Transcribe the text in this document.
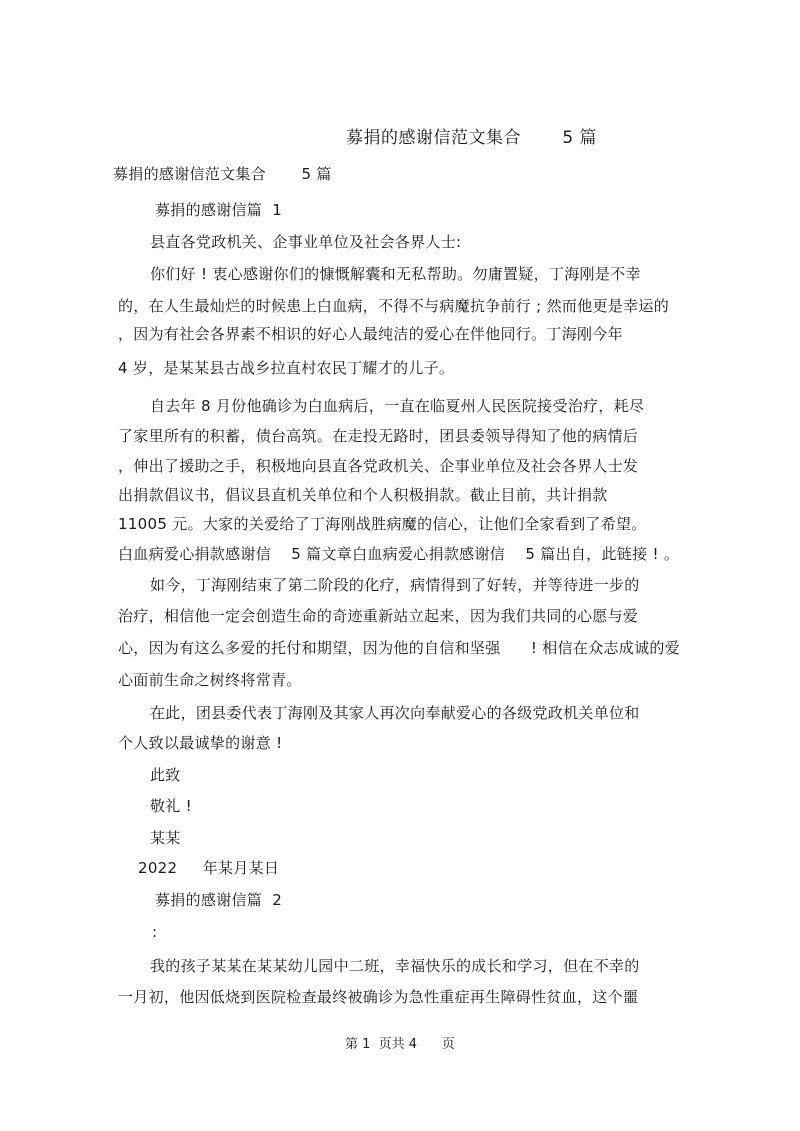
募捐的感谢信范文集合       5 篇
募捐的感谢信范文集合       5 篇
募捐的感谢信篇  1
县直各党政机关、企事业单位及社会各界人士:
你们好 ! 衷心感谢你们的慷慨解囊和无私帮助。勿庸置疑，丁海刚是不幸
的，在人生最灿烂的时候患上白血病，不得不与病魔抗争前行 ; 然而他更是幸运的
，因为有社会各界素不相识的好心人最纯洁的爱心在伴他同行。丁海刚今年
4 岁，是某某县古战乡拉直村农民丁耀才的儿子。
自去年 8 月份他确诊为白血病后，一直在临夏州人民医院接受治疗，耗尽
了家里所有的积蓄，债台高筑。在走投无路时，团县委领导得知了他的病情后
，伸出了援助之手，积极地向县直各党政机关、企事业单位及社会各界人士发
出捐款倡议书，倡议县直机关单位和个人积极捐款。截止目前，共计捐款
11005 元。大家的关爱给了丁海刚战胜病魔的信心，让他们全家看到了希望。
白血病爱心捐款感谢信    5 篇文章白血病爱心捐款感谢信    5 篇出自，此链接 ! 。
如今，丁海刚结束了第二阶段的化疗，病情得到了好转，并等待进一步的
治疗，相信他一定会创造生命的奇迹重新站立起来，因为我们共同的心愿与爱
心，因为有这么多爱的托付和期望，因为他的自信和坚强      ! 相信在众志成诚的爱
心面前生命之树终将常青。
在此，团县委代表丁海刚及其家人再次向奉献爱心的各级党政机关单位和
个人致以最诚挚的谢意 !
此致
敬礼 !
某某
2022     年某月某日
募捐的感谢信篇  2
:
我的孩子某某在某某幼儿园中二班，幸福快乐的成长和学习，但在不幸的
一月初，他因低烧到医院检查最终被确诊为急性重症再生障碍性贫血，这个噩
第 1  页共 4      页
